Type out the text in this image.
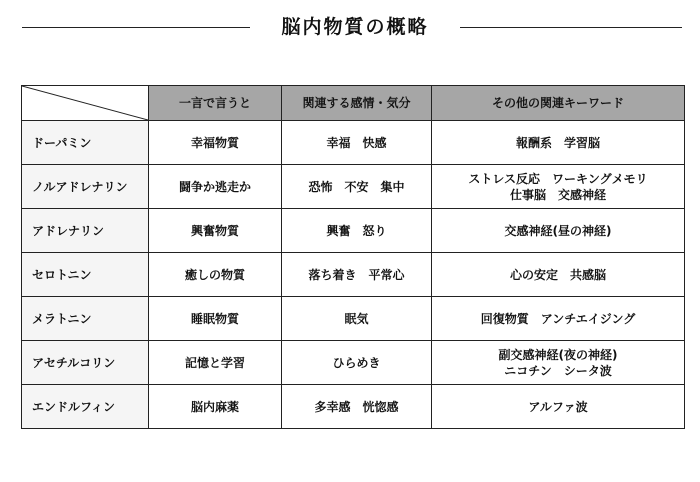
脳内物質の概略
	一言で言うと	関連する感情・気分	その他の関連キーワード
ドーパミン	幸福物質	幸福　快感	報酬系　学習脳

ノルアドレナリン	闘争か逃走か	恐怖　不安　集中	ストレス反応　ワーキングメモリ
仕事脳　交感神経

アドレナリン	興奮物質	興奮　怒り	交感神経(昼の神経)

セロトニン	癒しの物質	落ち着き　平常心	心の安定　共感脳

メラトニン	睡眠物質	眠気	回復物質　アンチエイジング

アセチルコリン	記憶と学習	ひらめき	副交感神経(夜の神経)
ニコチン　シータ波

エンドルフィン	脳内麻薬	多幸感　恍惚感	アルファ波
